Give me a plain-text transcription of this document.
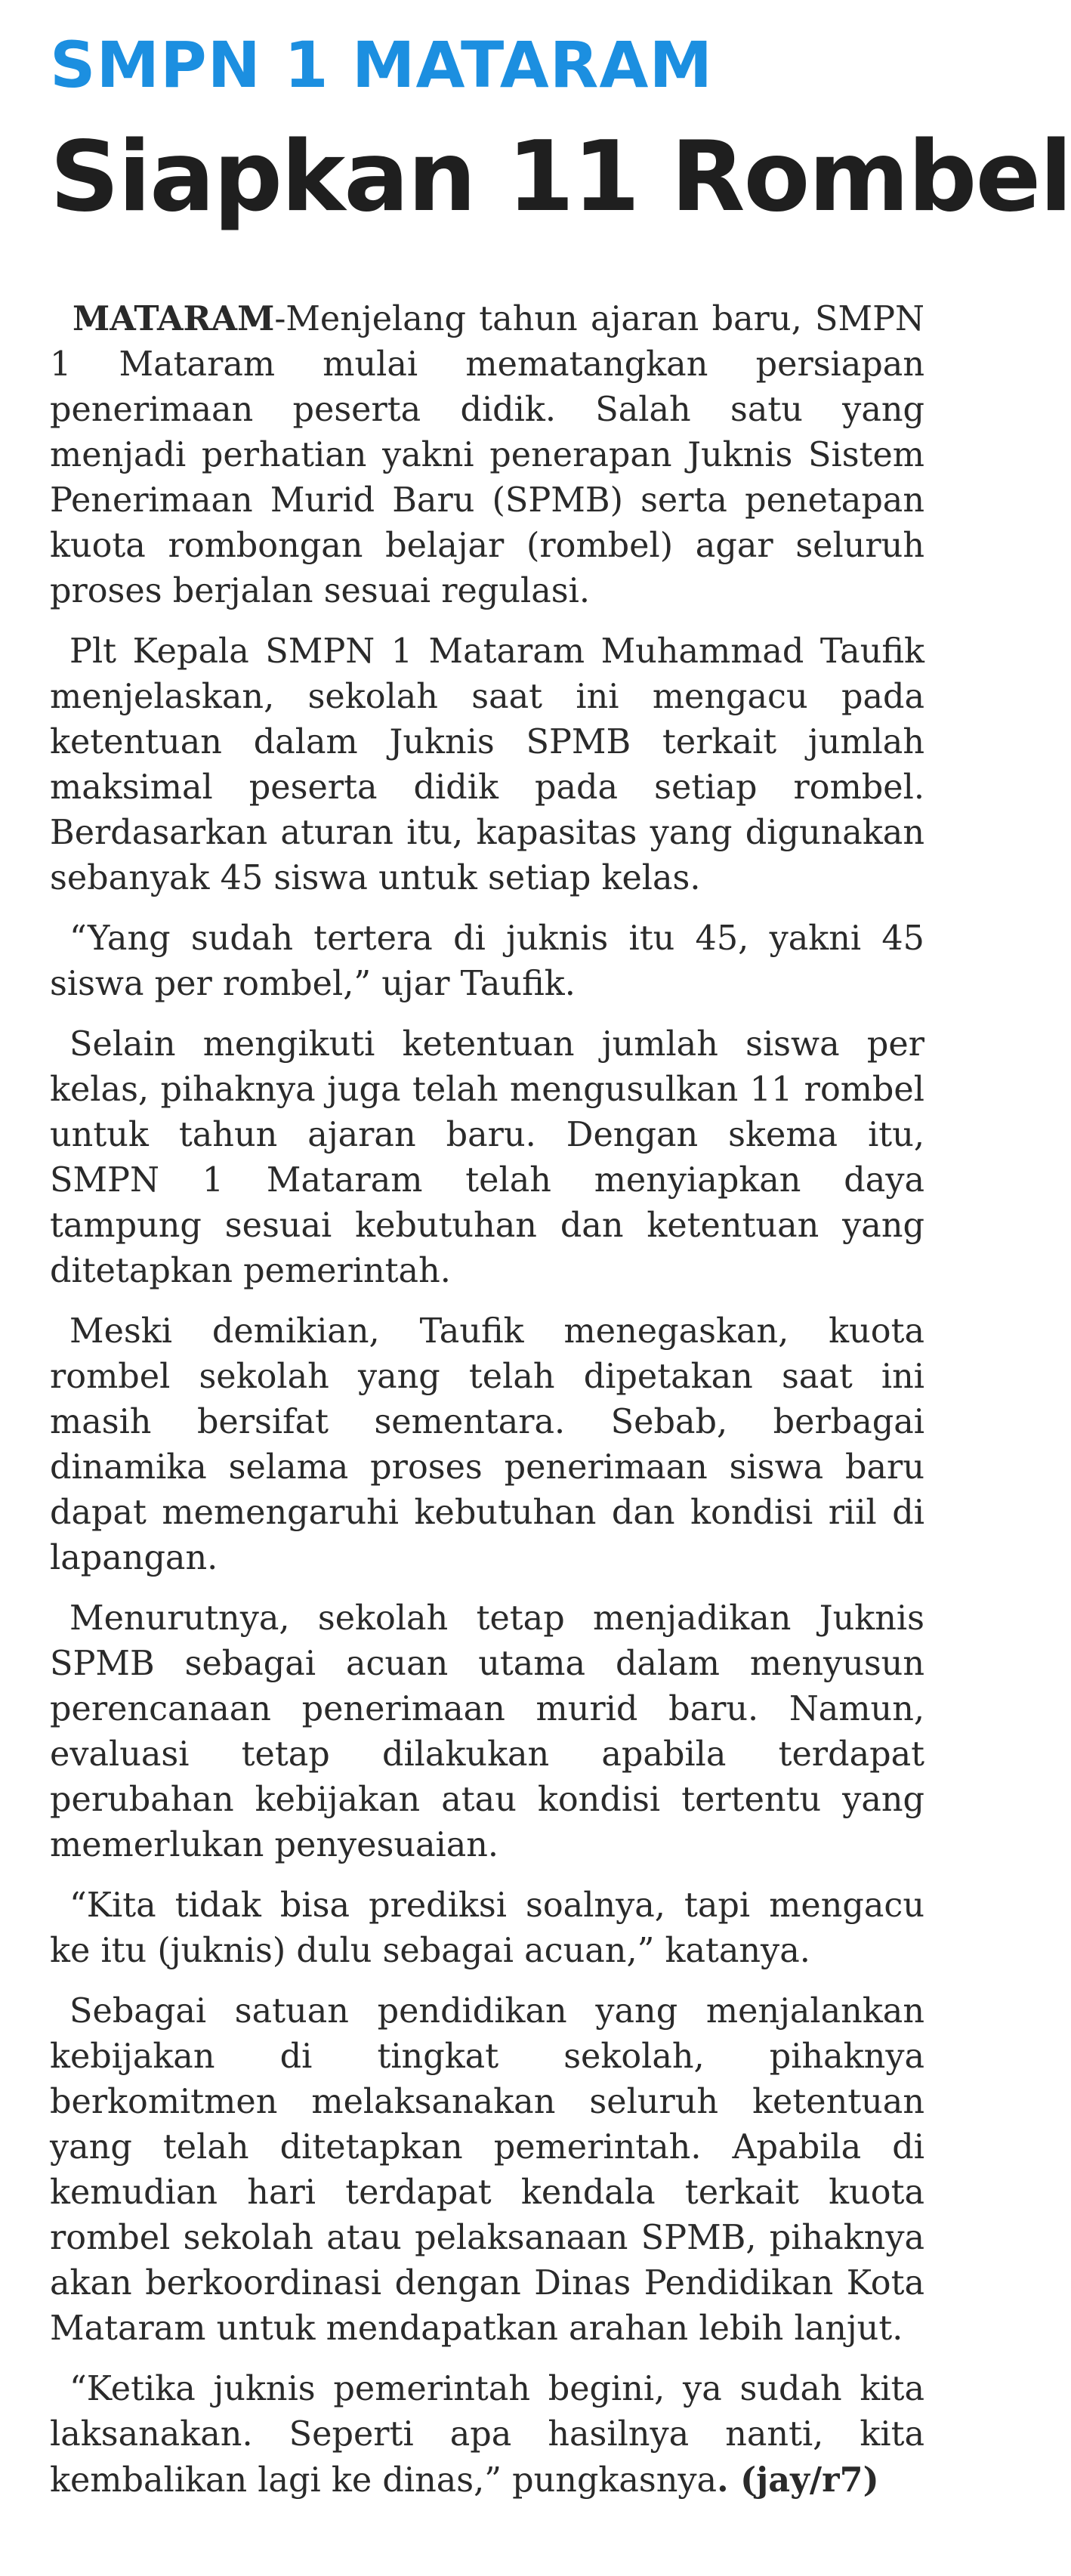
SMPN 1 MATARAM
Siapkan 11 Rombel

MATARAM-Menjelang tahun ajaran baru, SMPN 1 Mataram mulai mematangkan persiapan penerimaan peserta didik. Salah satu yang menjadi perhatian yakni penerapan Juknis Sistem Penerimaan Murid Baru (SPMB) serta penetapan kuota rombongan belajar (rombel) agar seluruh proses berjalan sesuai regulasi.

Plt Kepala SMPN 1 Mataram Muhammad Taufik menjelaskan, sekolah saat ini mengacu pada ketentuan dalam Juknis SPMB terkait jumlah maksimal peserta didik pada setiap rombel. Berdasarkan aturan itu, kapasitas yang digunakan sebanyak 45 siswa untuk setiap kelas.

“Yang sudah tertera di juknis itu 45, yakni 45 siswa per rombel,” ujar Taufik.

Selain mengikuti ketentuan jumlah siswa per kelas, pihaknya juga telah mengusulkan 11 rombel untuk tahun ajaran baru. Dengan skema itu, SMPN 1 Mataram telah menyiapkan daya tampung sesuai kebutuhan dan ketentuan yang ditetapkan pemerintah.

Meski demikian, Taufik menegaskan, kuota rombel sekolah yang telah dipetakan saat ini masih bersifat sementara. Sebab, berbagai dinamika selama proses penerimaan siswa baru dapat memengaruhi kebutuhan dan kondisi riil di lapangan.

Menurutnya, sekolah tetap menjadikan Juknis SPMB sebagai acuan utama dalam menyusun perencanaan penerimaan murid baru. Namun, evaluasi tetap dilakukan apabila terdapat perubahan kebijakan atau kondisi tertentu yang memerlukan penyesuaian.

“Kita tidak bisa prediksi soalnya, tapi mengacu ke itu (juknis) dulu sebagai acuan,” katanya.

Sebagai satuan pendidikan yang menjalankan kebijakan di tingkat sekolah, pihaknya berkomitmen melaksanakan seluruh ketentuan yang telah ditetapkan pemerintah. Apabila di kemudian hari terdapat kendala terkait kuota rombel sekolah atau pelaksanaan SPMB, pihaknya akan berkoordinasi dengan Dinas Pendidikan Kota Mataram untuk mendapatkan arahan lebih lanjut.

“Ketika juknis pemerintah begini, ya sudah kita laksanakan. Seperti apa hasilnya nanti, kita kembalikan lagi ke dinas,” pungkasnya. (jay/r7)
